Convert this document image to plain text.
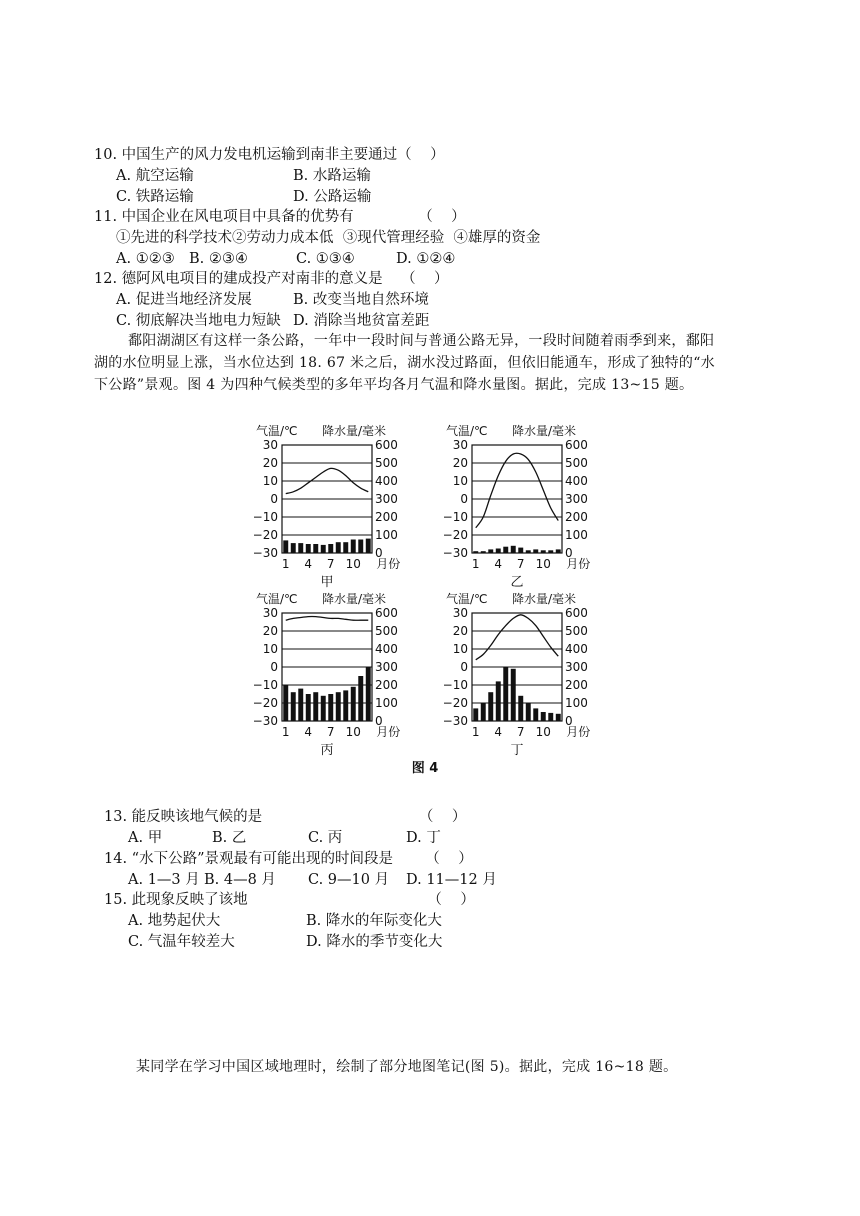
10. 中国生产的风力发电机运输到南非主要通过（    ）
A. 航空运输	B. 水路运输
C. 铁路运输	D. 公路运输
11. 中国企业在风电项目中具备的优势有              （    ）
①先进的科学技术②劳动力成本低  ③现代管理经验  ④雄厚的资金
A. ①②③ B. ②③④	C. ①③④	D. ①②④
12. 德阿风电项目的建成投产对南非的意义是    （    ）
A. 促进当地经济发展	B. 改变当地自然环境
C. 彻底解决当地电力短缺 D. 消除当地贫富差距

鄱阳湖湖区有这样一条公路，一年中一段时间与普通公路无异，一段时间随着雨季到来，鄱阳

湖的水位明显上涨，当水位达到 18. 67 米之后，湖水没过路面，但依旧能通车，形成了独特的“水

下公路”景观。图 4 为四种气候类型的多年平均各月气温和降水量图。据此，完成 13~15 题。

气温/℃ 降水量/毫米
30
20
10
0
−10
−20
−30
600
500
400
300
200
100
0
1 4 7 10 月份
甲
气温/℃ 降水量/毫米
30
20
10
0
−10
−20
−30
600
500
400
300
200
100
0
1 4 7 10 月份
乙
气温/℃ 降水量/毫米
30
20
10
0
−10
−20
−30
600
500
400
300
200
100
0
1 4 7 10 月份
丙
气温/℃ 降水量/毫米
30
20
10
0
−10
−20
−30
600
500
400
300
200
100
0
1 4 7 10 月份
丁
图 4
13. 能反映该地气候的是                                  （    ）
A. 甲	B. 乙	C. 丙	D. 丁
14. “水下公路”景观最有可能出现的时间段是       （    ）
A. 1—3 月 B. 4—8 月 C. 9—10 月 D. 11—12 月
15. 此现象反映了该地                                       （    ）
A. 地势起伏大	B. 降水的年际变化大
C. 气温年较差大	D. 降水的季节变化大

某同学在学习中国区域地理时，绘制了部分地图笔记(图 5)。据此，完成 16~18 题。
